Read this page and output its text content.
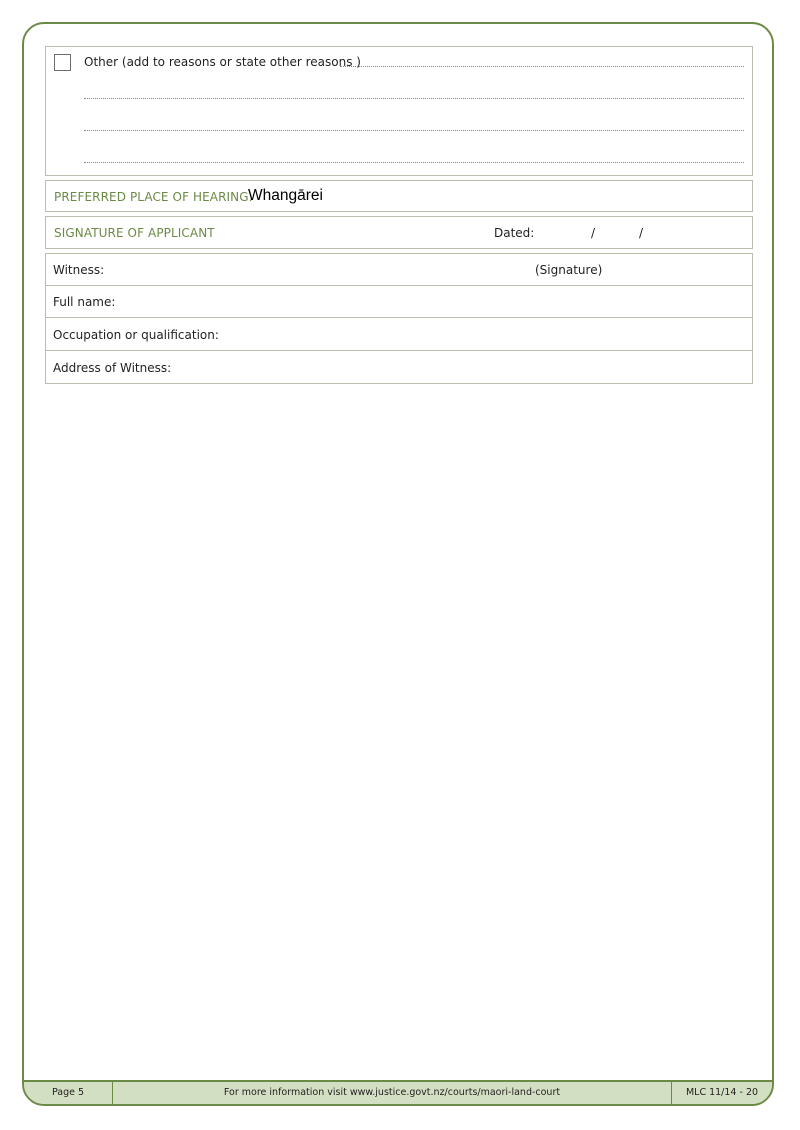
Page 5	For more information visit www.justice.govt.nz/courts/maori-land-court	MLC 11/14 - 20
Other (add to reasons or state other reasons )
PREFERRED PLACE OF HEARING:
Whangārei
SIGNATURE OF APPLICANT	Dated:	/	/
Witness:	(Signature)
Full name:
Occupation or qualification:
Address of Witness:
